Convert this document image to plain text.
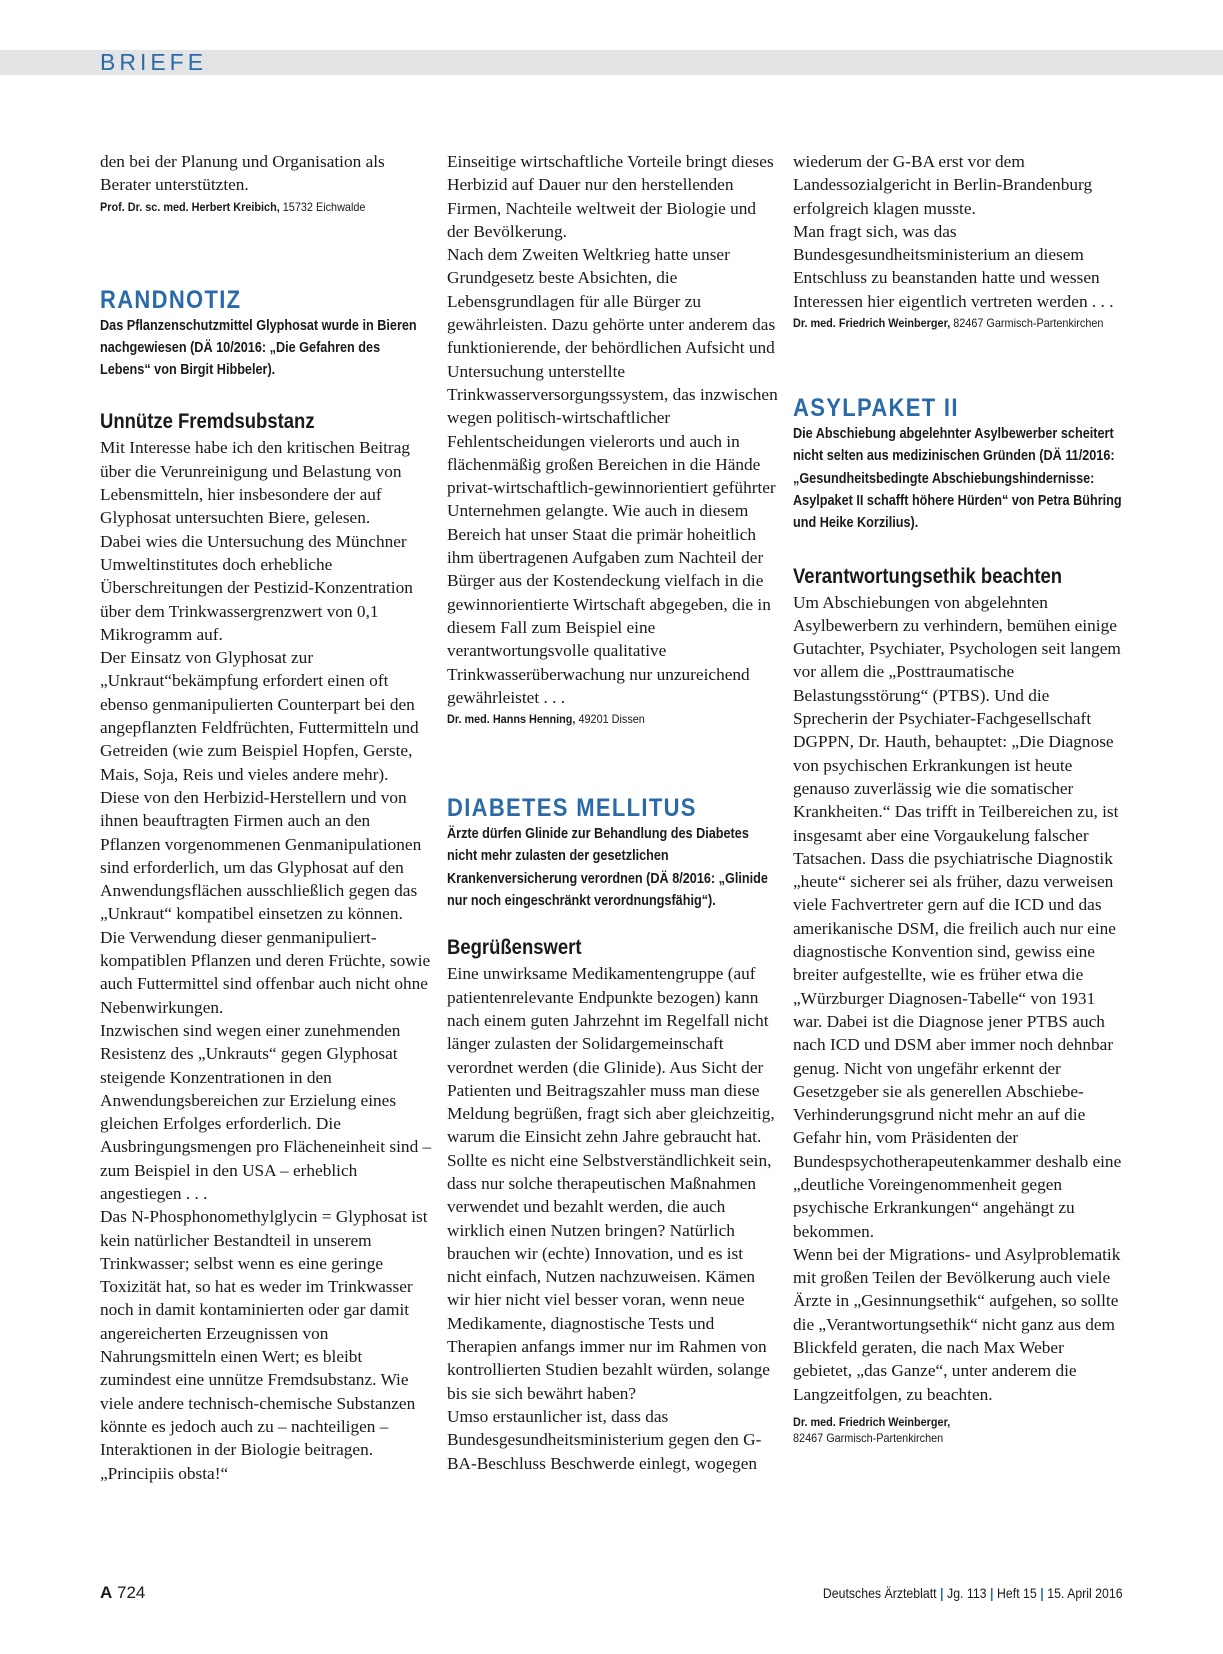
BRIEFE

den bei der Planung und Organisation als Berater unterstützten.

Prof. Dr. sc. med. Herbert Kreibich, 15732 Eichwalde

RANDNOTIZ

Das Pflanzenschutzmittel Glyphosat wurde in Bieren nachgewiesen (DÄ 10/2016: „Die Gefahren des Lebens“ von Birgit Hibbeler).

Unnütze Fremdsubstanz

Mit Interesse habe ich den kritischen Beitrag über die Verunreinigung und Belastung von Lebensmitteln, hier insbesondere der auf Glyphosat untersuchten Biere, gelesen.

Dabei wies die Untersuchung des Münchner Umweltinstitutes doch erhebliche Überschreitungen der Pestizid-Konzentration über dem Trinkwassergrenzwert von 0,1 Mikrogramm auf.

Der Einsatz von Glyphosat zur „Unkraut“bekämpfung erfordert einen oft ebenso genmanipulierten Counterpart bei den angepflanzten Feldfrüchten, Futtermitteln und Getreiden (wie zum Beispiel Hopfen, Gerste, Mais, Soja, Reis und vieles andere mehr). Diese von den Herbizid-Herstellern und von ihnen beauftragten Firmen auch an den Pflanzen vorgenommenen Genmanipulationen sind erforderlich, um das Glyphosat auf den Anwendungsflächen ausschließlich gegen das „Unkraut“ kompatibel einsetzen zu können.

Die Verwendung dieser genmanipuliert-kompatiblen Pflanzen und deren Früchte, sowie auch Futtermittel sind offenbar auch nicht ohne Nebenwirkungen.

Inzwischen sind wegen einer zunehmenden Resistenz des „Unkrauts“ gegen Glyphosat steigende Konzentrationen in den Anwendungsbereichen zur Erzielung eines gleichen Erfolges erforderlich. Die Ausbringungsmengen pro Flächeneinheit sind – zum Beispiel in den USA – erheblich angestiegen . . .

Das N-Phosphonomethylglycin = Glyphosat ist kein natürlicher Bestandteil in unserem Trinkwasser; selbst wenn es eine geringe Toxizität hat, so hat es weder im Trinkwasser noch in damit kontaminierten oder gar damit angereicherten Erzeugnissen von Nahrungsmitteln einen Wert; es bleibt zumindest eine unnütze Fremdsubstanz. Wie viele andere technisch-chemische Substanzen könnte es jedoch auch zu – nachteiligen – Interaktionen in der Biologie beitragen. „Principiis obsta!“

Einseitige wirtschaftliche Vorteile bringt dieses Herbizid auf Dauer nur den herstellenden Firmen, Nachteile weltweit der Biologie und der Bevölkerung.

Nach dem Zweiten Weltkrieg hatte unser Grundgesetz beste Absichten, die Lebensgrundlagen für alle Bürger zu gewährleisten. Dazu gehörte unter anderem das funktionierende, der behördlichen Aufsicht und Untersuchung unterstellte Trinkwasserversorgungssystem, das inzwischen wegen politisch-wirtschaftlicher Fehlentscheidungen vielerorts und auch in flächenmäßig großen Bereichen in die Hände privat-wirtschaftlich-gewinnorientiert geführter Unternehmen gelangte. Wie auch in diesem Bereich hat unser Staat die primär hoheitlich ihm übertragenen Aufgaben zum Nachteil der Bürger aus der Kostendeckung vielfach in die gewinnorientierte Wirtschaft abgegeben, die in diesem Fall zum Beispiel eine verantwortungsvolle qualitative Trinkwasserüberwachung nur unzureichend gewährleistet . . .

Dr. med. Hanns Henning, 49201 Dissen

DIABETES MELLITUS

Ärzte dürfen Glinide zur Behandlung des Diabetes nicht mehr zulasten der gesetzlichen Krankenversicherung verordnen (DÄ 8/2016: „Glinide nur noch eingeschränkt verordnungsfähig“).

Begrüßenswert

Eine unwirksame Medikamentengruppe (auf patientenrelevante Endpunkte bezogen) kann nach einem guten Jahrzehnt im Regelfall nicht länger zulasten der Solidargemeinschaft verordnet werden (die Glinide). Aus Sicht der Patienten und Beitragszahler muss man diese Meldung begrüßen, fragt sich aber gleichzeitig, warum die Einsicht zehn Jahre gebraucht hat.

Sollte es nicht eine Selbstverständlichkeit sein, dass nur solche therapeutischen Maßnahmen verwendet und bezahlt werden, die auch wirklich einen Nutzen bringen? Natürlich brauchen wir (echte) Innovation, und es ist nicht einfach, Nutzen nachzuweisen. Kämen wir hier nicht viel besser voran, wenn neue Medikamente, diagnostische Tests und Therapien anfangs immer nur im Rahmen von kontrollierten Studien bezahlt würden, solange bis sie sich bewährt haben?

Umso erstaunlicher ist, dass das Bundesgesundheitsministerium gegen den G-BA-Beschluss Beschwerde einlegt, wogegen

wiederum der G-BA erst vor dem Landessozialgericht in Berlin-Brandenburg erfolgreich klagen musste.

Man fragt sich, was das Bundesgesundheitsministerium an diesem Entschluss zu beanstanden hatte und wessen Interessen hier eigentlich vertreten werden . . .

Dr. med. Friedrich Weinberger, 82467 Garmisch-Partenkirchen

ASYLPAKET II

Die Abschiebung abgelehnter Asylbewerber scheitert nicht selten aus medizinischen Gründen (DÄ 11/2016: „Gesundheitsbedingte Abschiebungshindernisse: Asylpaket II schafft höhere Hürden“ von Petra Bühring und Heike Korzilius).

Verantwortungsethik beachten

Um Abschiebungen von abgelehnten Asylbewerbern zu verhindern, bemühen einige Gutachter, Psychiater, Psychologen seit langem vor allem die „Posttraumatische Belastungsstörung“ (PTBS). Und die Sprecherin der Psychiater-Fachgesellschaft DGPPN, Dr. Hauth, behauptet: „Die Diagnose von psychischen Erkrankungen ist heute genauso zuverlässig wie die somatischer Krankheiten.“ Das trifft in Teilbereichen zu, ist insgesamt aber eine Vorgaukelung falscher Tatsachen. Dass die psychiatrische Diagnostik „heute“ sicherer sei als früher, dazu verweisen viele Fachvertreter gern auf die ICD und das amerikanische DSM, die freilich auch nur eine diagnostische Konvention sind, gewiss eine breiter aufgestellte, wie es früher etwa die „Würzburger Diagnosen-Tabelle“ von 1931 war. Dabei ist die Diagnose jener PTBS auch nach ICD und DSM aber immer noch dehnbar genug. Nicht von ungefähr erkennt der Gesetzgeber sie als generellen Abschiebe-Verhinderungsgrund nicht mehr an auf die Gefahr hin, vom Präsidenten der Bundespsychotherapeutenkammer deshalb eine „deutliche Voreingenommenheit gegen psychische Erkrankungen“ angehängt zu bekommen.

Wenn bei der Migrations- und Asylproblematik mit großen Teilen der Bevölkerung auch viele Ärzte in „Gesinnungsethik“ aufgehen, so sollte die „Verantwortungsethik“ nicht ganz aus dem Blickfeld geraten, die nach Max Weber gebietet, „das Ganze“, unter anderem die Langzeitfolgen, zu beachten.

Dr. med. Friedrich Weinberger,
82467 Garmisch-Partenkirchen

A 724	Deutsches Ärzteblatt | Jg. 113 | Heft 15 | 15. April 2016
